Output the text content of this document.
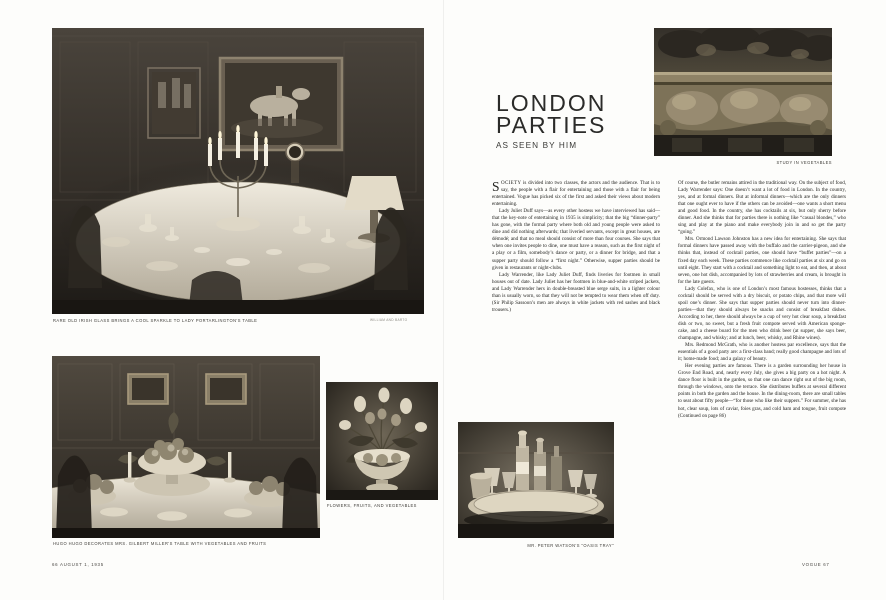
RARE OLD IRISH GLASS BRINGS A COOL SPARKLE TO LADY PORTARLINGTON'S TABLE	WILLIAM AND BARTO
STUDY IN VEGETABLES
HUGO HUGO DECORATES MRS. GILBERT MILLER'S TABLE WITH VEGETABLES AND FRUITS
FLOWERS, FRUITS, AND VEGETABLES
MR. PETER WATSON'S "OASIS TRAY"
LONDON
PARTIES
AS SEEN BY HIM

SOCIETY is divided into two classes, the actors and the audience. That is to say, the people with a flair for entertaining and those with a flair for being entertained. Vogue has picked six of the first and asked their views about modern entertaining.

Lady Juliet Duff says—as every other hostess we have interviewed has said—that the key-note of entertaining in 1935 is simplicity; that the big “dinner-party” has gone, with the formal party where both old and young people were asked to dine and did nothing afterwards; that liveried servants, except in great houses, are démodé; and that no meal should consist of more than four courses. She says that when one invites people to dine, one must have a reason, such as the first night of a play or a film, somebody’s dance or party, or a dinner for bridge, and that a supper party should follow a “first night.” Otherwise, supper parties should be given in restaurants or night-clubs.

Lady Warrender, like Lady Juliet Duff, finds liveries for footmen in small houses out of date. Lady Juliet has her footmen in blue-and-white striped jackets, and Lady Warrender hers in double-breasted blue serge suits, in a lighter colour than is usually worn, so that they will not be tempted to wear them when off duty. (Sir Philip Sassoon’s men are always in white jackets with red sashes and black trousers.)

Of course, the butler remains attired in the traditional way. On the subject of food, Lady Warrender says: One doesn’t want a lot of food in London. In the country, yes, and at formal dinners. But at informal dinners—which are the only dinners that one ought ever to have if the others can be avoided—one wants a short menu and good food. In the country, she has cocktails at six, but only sherry before dinner. And she thinks that for parties there is nothing like “casual blondes,” who sing and play at the piano and make everybody join in and so get the party “going.”

Mrs. Ormond Lawson Johnston has a new idea for entertaining. She says that formal dinners have passed away with the buffalo and the carrier-pigeon, and she thinks that, instead of cocktail parties, one should have “buffet parties”—on a fixed day each week. These parties commence like cocktail parties at six and go on until eight. They start with a cocktail and something light to eat, and then, at about seven, one hot dish, accompanied by lots of strawberries and cream, is brought in for the late guests.

Lady Colefax, who is one of London’s most famous hostesses, thinks that a cocktail should be served with a dry biscuit, or potato chips, and that more will spoil one’s dinner. She says that supper parties should never turn into dinner-parties—that they should always be snacks and consist of breakfast dishes. According to her, there should always be a cup of very hot clear soup, a breakfast dish or two, no sweet, but a fresh fruit compote served with American sponge-cake, and a cheese board for the men who drink beer (at supper, she says beer, champagne, and whisky; and at lunch, beer, whisky, and Rhine wines).

Mrs. Redmond McGrath, who is another hostess par excellence, says that the essentials of a good party are: a first-class band; really good champagne and lots of it; home-made food; and a galaxy of beauty.

Her evening parties are famous. There is a garden surrounding her house in Grove End Road, and, nearly every July, she gives a big party on a hot night. A dance floor is built in the garden, so that one can dance right out of the big room, through the windows, onto the terrace. She distributes buffets at several different points in both the garden and the house. In the dining-room, there are small tables to seat about fifty people—“for those who like their suppers.” For summer, she has hot, clear soup, lots of caviar, foies gras, and cold ham and tongue, fruit compote (Continued on page 86)

66 AUGUST 1, 1935	VOGUE 67
